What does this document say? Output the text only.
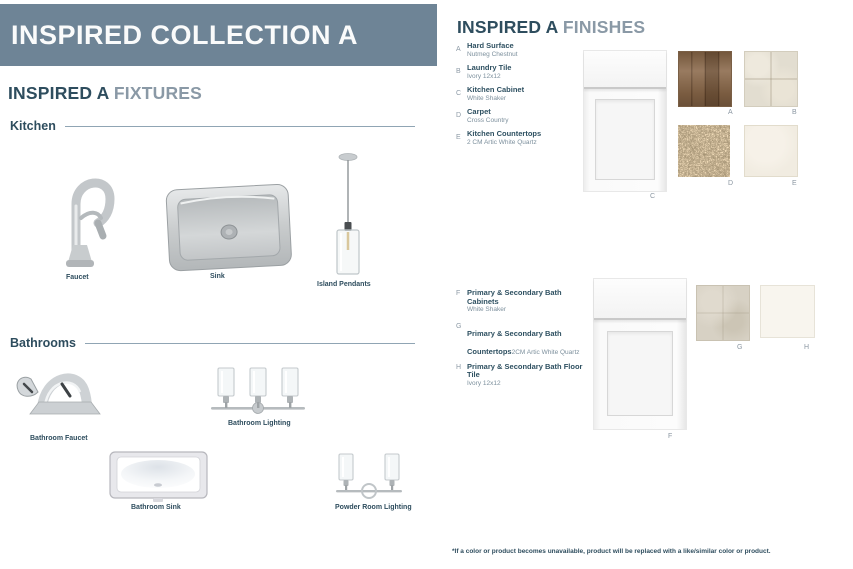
INSPIRED COLLECTION A
INSPIRED A FIXTURES
Kitchen
Faucet	Sink
Island Pendants
Bathrooms
Bathroom Faucet
Bathroom Lighting
Bathroom Sink	Powder Room Lighting
INSPIRED A FINISHES
A Hard Surface
Nutmeg Chestnut
B Laundry Tile
Ivory 12x12
C Kitchen Cabinet
White Shaker
D Carpet
Cross Country
E Kitchen Countertops
2 CM Artic White Quartz
C
A	B
D	E
F Primary & Secondary Bath Cabinets
White Shaker
G
Primary & Secondary Bath Countertops2CM Artic White Quartz
H Primary & Secondary Bath Floor Tile
Ivory 12x12
F
G	H
*If a color or product becomes unavailable, product will be replaced with a like/similar color or product.
